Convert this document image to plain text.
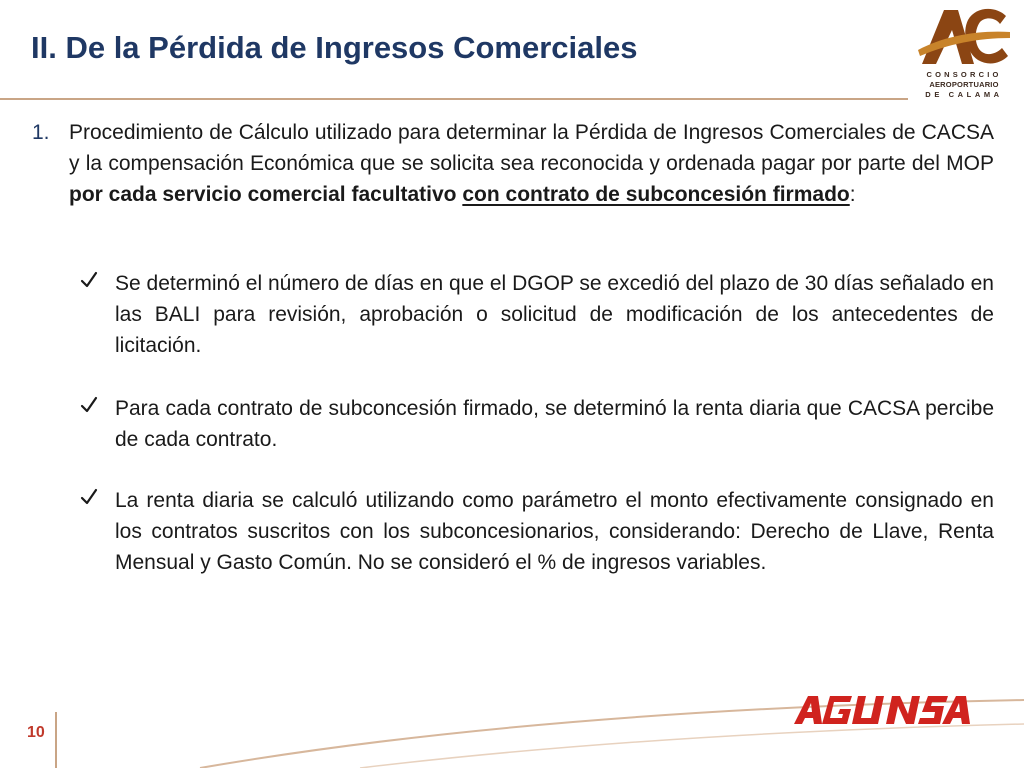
II. De la Pérdida de Ingresos Comerciales
CONSORCIO
AEROPORTUARIO
DE CALAMA
1. Procedimiento de Cálculo utilizado para determinar la Pérdida de Ingresos Comerciales de CACSA y la compensación Económica que se solicita sea reconocida y ordenada pagar por parte del MOP por cada servicio comercial facultativo con contrato de subconcesión firmado:

Se determinó el número de días en que el DGOP se excedió del plazo de 30 días señalado en las BALI para revisión, aprobación o solicitud de modificación de los antecedentes de licitación.

Para cada contrato de subconcesión firmado, se determinó la renta diaria que CACSA percibe de cada contrato.

La renta diaria se calculó utilizando como parámetro el monto efectivamente consignado en los contratos suscritos con los subconcesionarios, considerando: Derecho de Llave, Renta Mensual y Gasto Común. No se consideró el % de ingresos variables.

10
